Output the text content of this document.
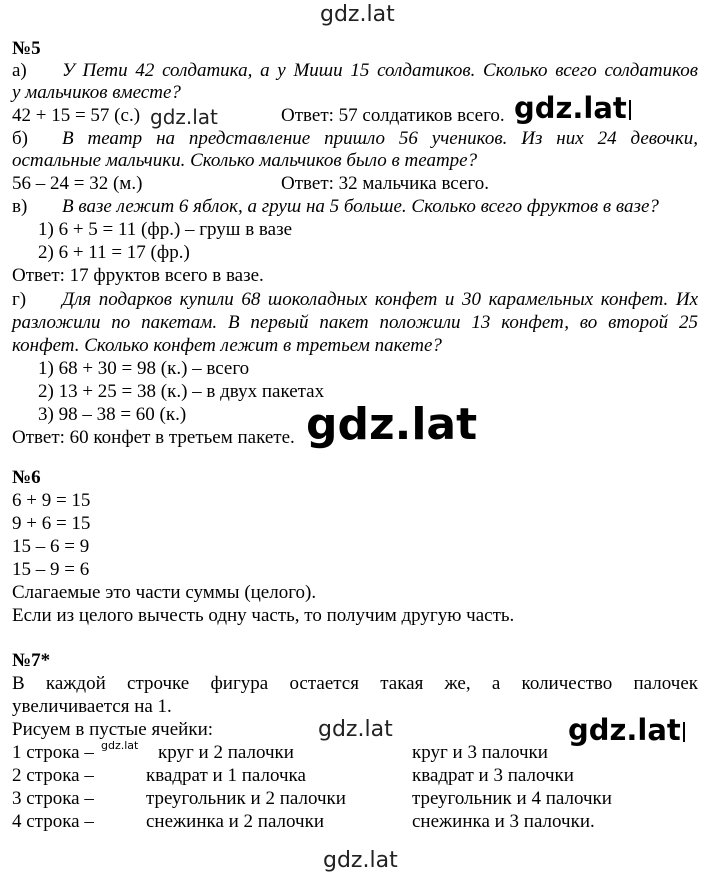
gdz.lat
№5
а) У Пети 42 солдатика, а у Миши 15 солдатиков. Сколько всего солдатиков
у мальчиков вместе?
42 + 15 = 57 (с.) gdz.lat	Ответ: 57 солдатиков всего. gdz.lat
б) В театр на представление пришло 56 учеников. Из них 24 девочки,
остальные мальчики. Сколько мальчиков было в театре?
56 – 24 = 32 (м.)	Ответ: 32 мальчика всего.
в) В вазе лежит 6 яблок, а груш на 5 больше. Сколько всего фруктов в вазе?
1) 6 + 5 = 11 (фр.) – груш в вазе
2) 6 + 11 = 17 (фр.)
Ответ: 17 фруктов всего в вазе.
г) Для подарков купили 68 шоколадных конфет и 30 карамельных конфет. Их
разложили по пакетам. В первый пакет положили 13 конфет, во второй 25
конфет. Сколько конфет лежит в третьем пакете?
1) 68 + 30 = 98 (к.) – всего
2) 13 + 25 = 38 (к.) – в двух пакетах
3) 98 – 38 = 60 (к.)
Ответ: 60 конфет в третьем пакете. gdz.lat
№6
6 + 9 = 15
9 + 6 = 15
15 – 6 = 9
15 – 9 = 6
Слагаемые это части суммы (целого).
Если из целого вычесть одну часть, то получим другую часть.
№7*
В каждой строчке фигура остается такая же, а количество палочек
увеличивается на 1.
Рисуем в пустые ячейки:	gdz.lat	gdz.lat
1 строка – gdz.lat круг и 2 палочки	круг и 3 палочки
2 строка –	квадрат и 1 палочка	квадрат и 3 палочки
3 строка –	треугольник и 2 палочки	треугольник и 4 палочки
4 строка –	снежинка и 2 палочки	снежинка и 3 палочки.
gdz.lat
